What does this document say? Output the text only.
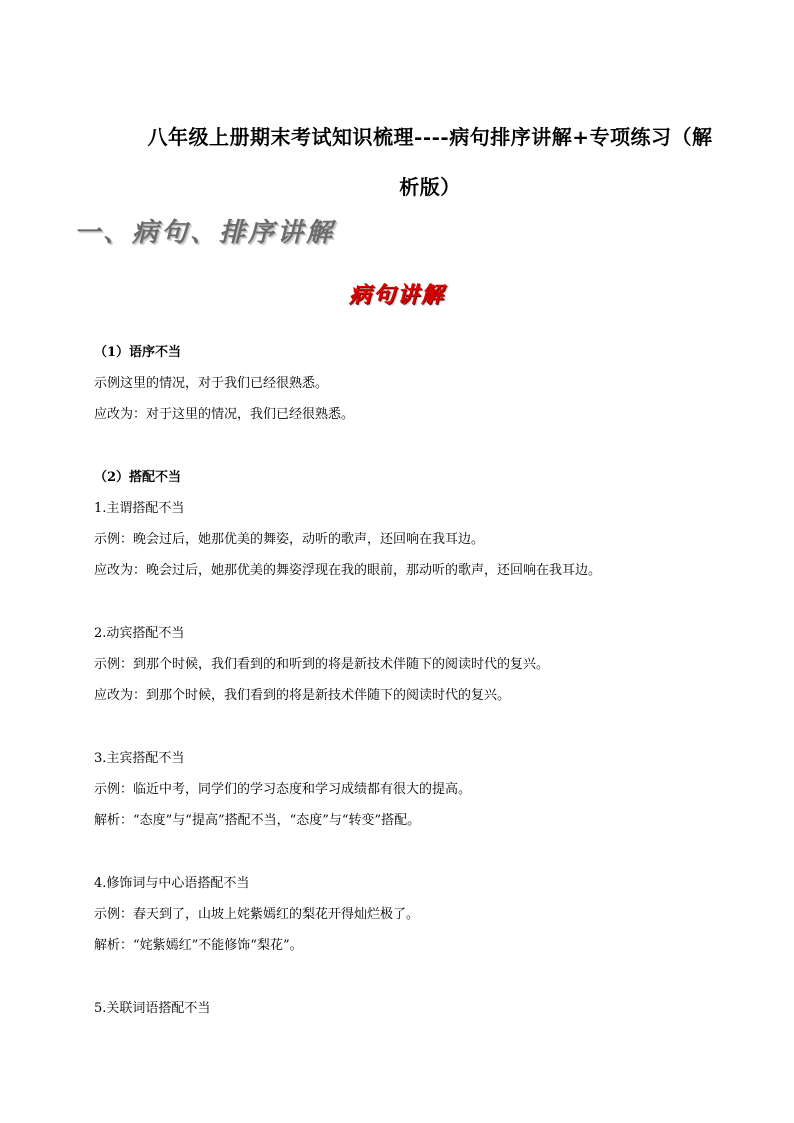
八年级上册期末考试知识梳理----病句排序讲解+专项练习（解
析版）
一、病句、排序讲解
病句讲解

（1）语序不当

示例这里的情况，对于我们已经很熟悉。

应改为：对于这里的情况，我们已经很熟悉。

（2）搭配不当

1.主谓搭配不当

示例：晚会过后，她那优美的舞姿，动听的歌声，还回响在我耳边。

应改为：晚会过后，她那优美的舞姿浮现在我的眼前，那动听的歌声，还回响在我耳边。

2.动宾搭配不当

示例：到那个时候，我们看到的和听到的将是新技术伴随下的阅读时代的复兴。

应改为：到那个时候，我们看到的将是新技术伴随下的阅读时代的复兴。

3.主宾搭配不当

示例：临近中考，同学们的学习态度和学习成绩都有很大的提高。

解析：“态度”与“提高”搭配不当，“态度”与“转变”搭配。

4.修饰词与中心语搭配不当

示例：春天到了，山坡上姹紫嫣红的梨花开得灿烂极了。

解析：“姹紫嫣红”不能修饰“梨花”。

5.关联词语搭配不当
